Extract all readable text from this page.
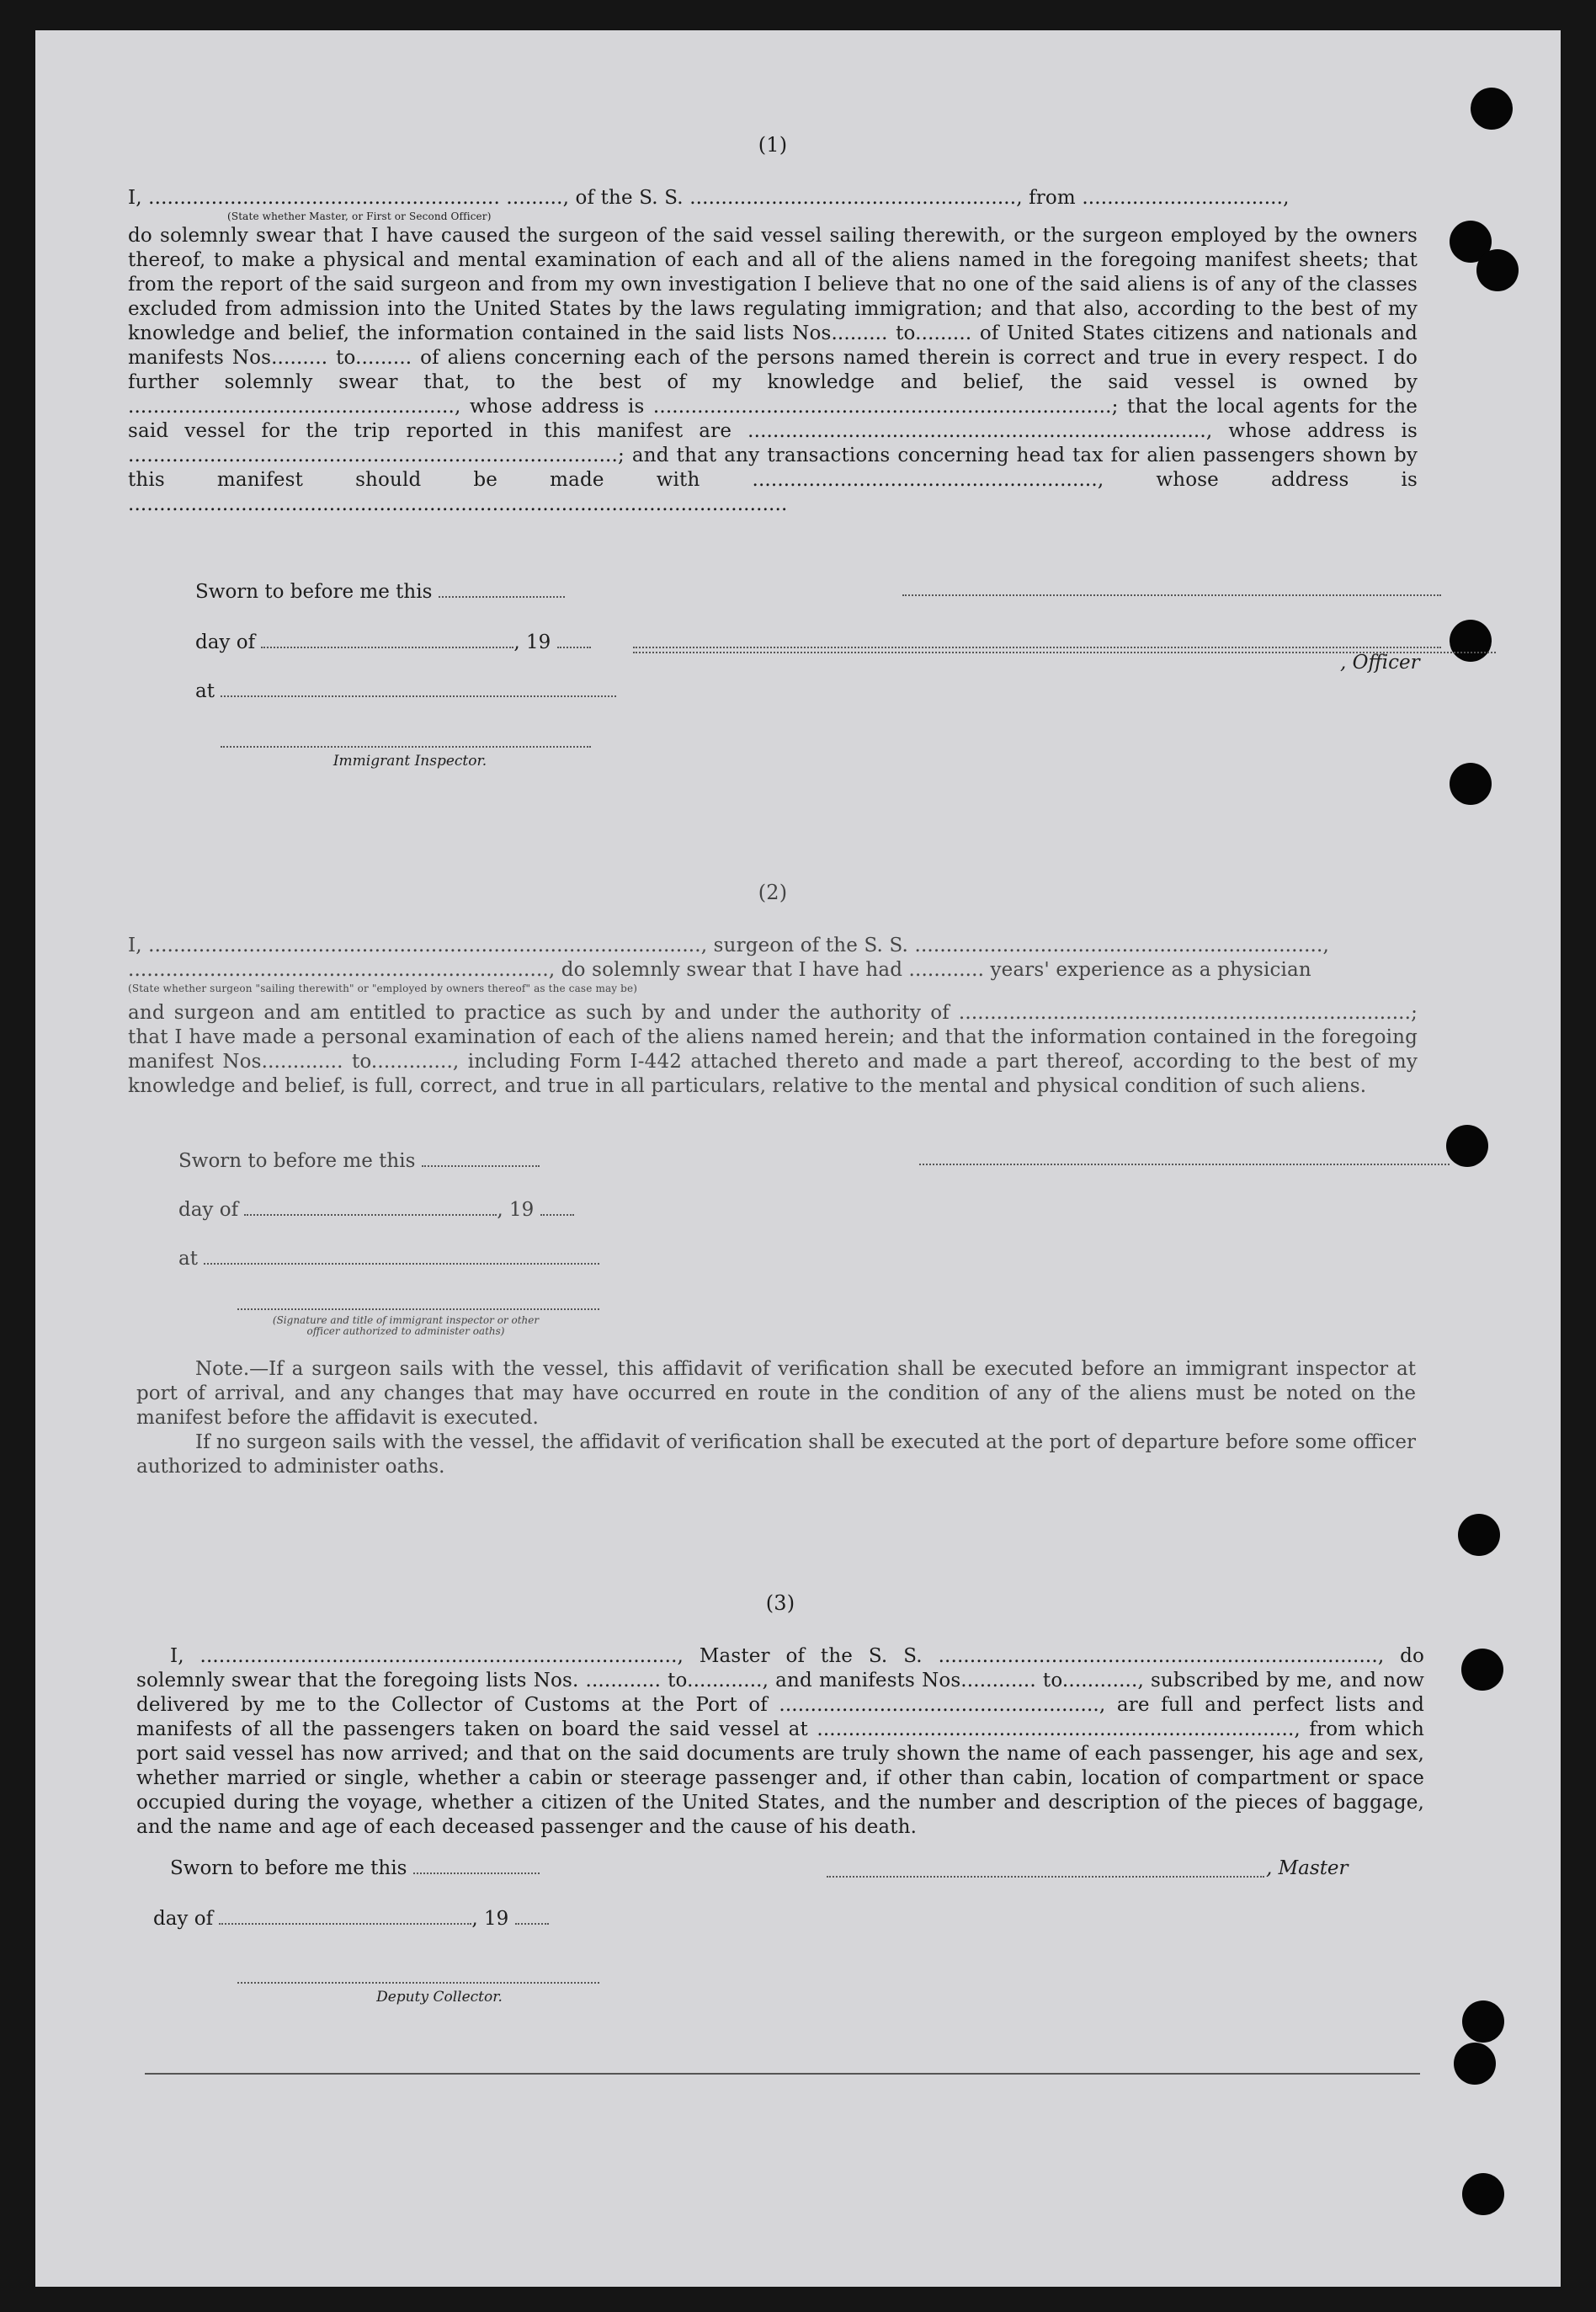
(1)

I, ........................................................ ........., of the S. S. ...................................................., from ................................,

(State whether Master, or First or Second Officer)

do solemnly swear that I have caused the surgeon of the said vessel sailing therewith, or the surgeon employed by the owners thereof, to make a physical and mental examination of each and all of the aliens named in the foregoing manifest sheets; that from the report of the said surgeon and from my own investigation I believe that no one of the said aliens is of any of the classes excluded from admission into the United States by the laws regulating immigration; and that also, according to the best of my knowledge and belief, the information contained in the said lists Nos......... to......... of United States citizens and nationals and manifests Nos......... to......... of aliens concerning each of the persons named therein is correct and true in every respect. I do further solemnly swear that, to the best of my knowledge and belief, the said vessel is owned by ...................................................., whose address is .........................................................................; that the local agents for the said vessel for the trip reported in this manifest are ........................................................................., whose address is ..............................................................................; and that any transactions concerning head tax for alien passengers shown by this manifest should be made with ......................................................., whose address is .........................................................................................................

Sworn to before me this
day of	, 19
at
Immigrant Inspector.
, Officer
(2)

I, ........................................................................................, surgeon of the S. S. .................................................................,

..................................................................., do solemnly swear that I have had ............ years' experience as a physician

(State whether surgeon "sailing therewith" or "employed by owners thereof" as the case may be)

and surgeon and am entitled to practice as such by and under the authority of ........................................................................; that I have made a personal examination of each of the aliens named herein; and that the information contained in the foregoing manifest Nos............. to............., including Form I-442 attached thereto and made a part thereof, according to the best of my knowledge and belief, is full, correct, and true in all particulars, relative to the mental and physical condition of such aliens.

Sworn to before me this
day of	, 19
at
(Signature and title of immigrant inspector or other officer authorized to administer oaths)

Note.—If a surgeon sails with the vessel, this affidavit of verification shall be executed before an immigrant inspector at port of arrival, and any changes that may have occurred en route in the condition of any of the aliens must be noted on the manifest before the affidavit is executed.

If no surgeon sails with the vessel, the affidavit of verification shall be executed at the port of departure before some officer authorized to administer oaths.

(3)

I, ............................................................................, Master of the S. S. ......................................................................, do solemnly swear that the foregoing lists Nos. ............ to............, and manifests Nos............ to............, subscribed by me, and now delivered by me to the Collector of Customs at the Port of ..................................................., are full and perfect lists and manifests of all the passengers taken on board the said vessel at ............................................................................, from which port said vessel has now arrived; and that on the said documents are truly shown the name of each passenger, his age and sex, whether married or single, whether a cabin or steerage passenger and, if other than cabin, location of compartment or space occupied during the voyage, whether a citizen of the United States, and the number and description of the pieces of baggage, and the name and age of each deceased passenger and the cause of his death.

Sworn to before me this
day of	, 19
Deputy Collector.
, Master
